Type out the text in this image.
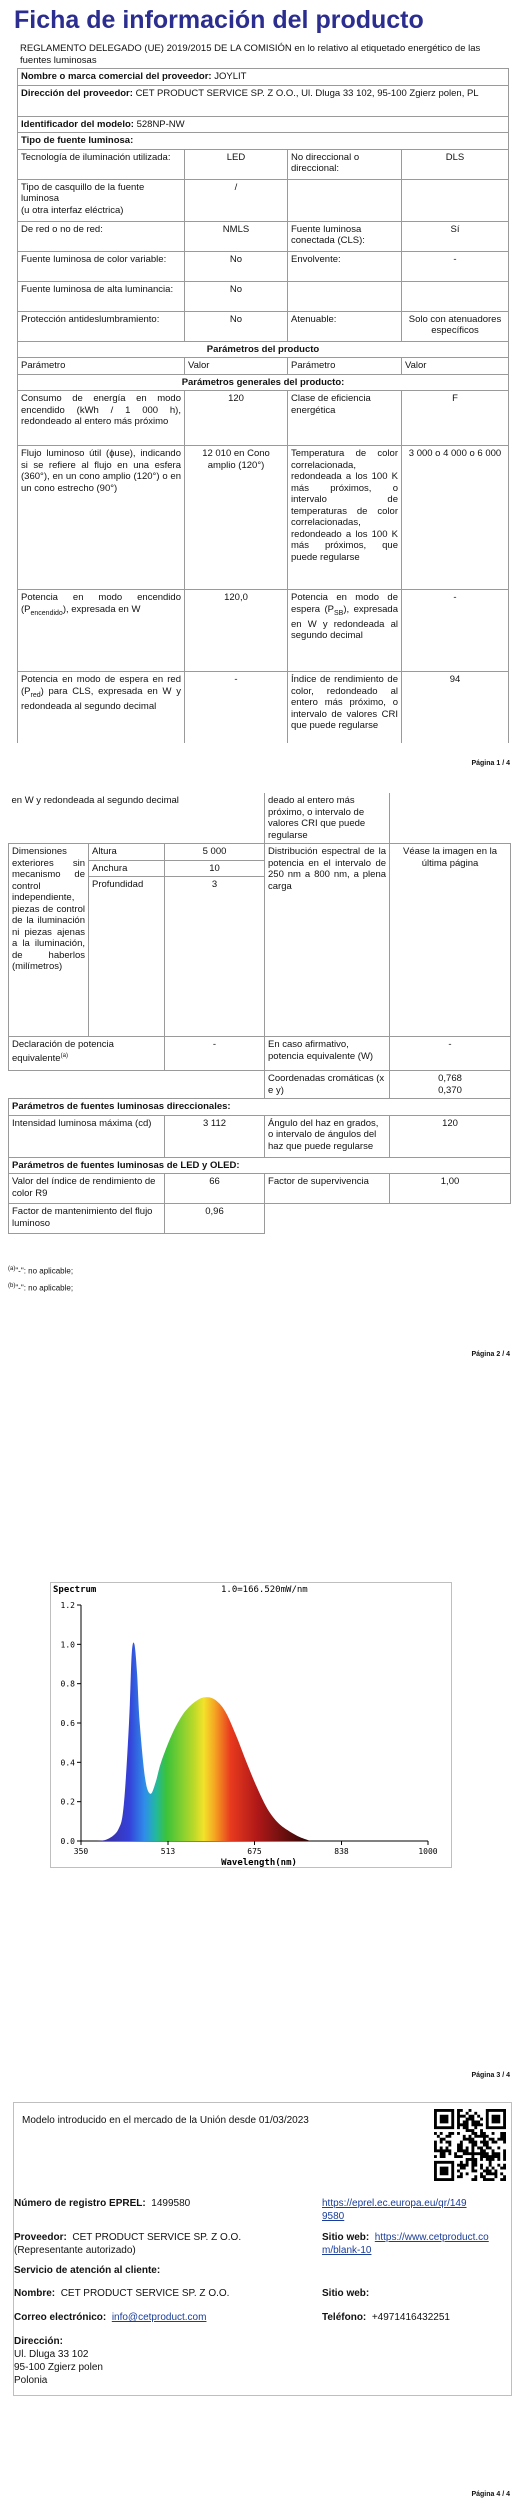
Ficha de información del producto
REGLAMENTO DELEGADO (UE) 2019/2015 DE LA COMISIÓN en lo relativo al etiquetado energético de las fuentes luminosas
Nombre o marca comercial del proveedor: JOYLIT			
Dirección del proveedor: CET PRODUCT SERVICE SP. Z O.O., Ul. Dluga 33 102, 95-100 Zgierz polen, PL			
Identificador del modelo: 528NP-NW			
Tipo de fuente luminosa:			
Tecnología de iluminación utilizada:	LED	No direccional o direccional:	DLS
Tipo de casquillo de la fuente luminosa
(u otra interfaz eléctrica)	/		
De red o no de red:	NMLS	Fuente luminosa conectada (CLS):	Sí
Fuente luminosa de color variable:	No	Envolvente:	-
Fuente luminosa de alta luminancia:	No		
Protección antideslumbramiento:	No	Atenuable:	Solo con atenuadores específicos
Parámetros del producto			
Parámetro	Valor	Parámetro	Valor
Parámetros generales del producto:			
Consumo de energía en modo encendido (kWh / 1 000 h), redondeado al entero más próximo	120	Clase de eficiencia energética	F
Flujo luminoso útil (ɸuse), indicando si se refiere al flujo en una esfera (360°), en un cono amplio (120°) o en un cono estrecho (90°)	12 010 en Cono amplio (120°)	Temperatura de color correlacionada, redondeada a los 100 K más próximos, o intervalo de temperaturas de color correlacionadas, redondeado a los 100 K más próximos, que puede regularse	3 000 o 4 000 o 6 000
Potencia en modo encendido $(P_{encendido})$, expresada en W	120,0	Potencia en modo de espera $(P_{SB})$, expresada en W y redondeada al segundo decimal	-
Potencia en modo de espera en red $(P_{red})$ para CLS, expresada en W y redondeada al segundo decimal	-	Índice de rendimiento de color, redondeado al entero más próximo, o intervalo de valores CRI que puede regularse	94
Página 1 / 4
en W y redondeada al segundo decimal			deado al entero más próximo, o intervalo de valores CRI que puede regularse	
Dimensiones exteriores sin mecanismo de control independiente, piezas de control de la iluminación ni piezas ajenas a la iluminación, de haberlos (milímetros)	Altura	5 000	Distribución espectral de la potencia en el intervalo de 250 nm a 800 nm, a plena carga	Véase la imagen en la última página
	Anchura	10		
	Profundidad	3		
Declaración de potencia equivalente$^{(a)}$		-	En caso afirmativo, potencia equivalente (W)	-
			Coordenadas cromáticas (x e y)	0,768
0,370
Parámetros de fuentes luminosas direccionales:				
Intensidad luminosa máxima (cd)		3 112	Ángulo del haz en grados, o intervalo de ángulos del haz que puede regularse	120
Parámetros de fuentes luminosas de LED y OLED:				
Valor del índice de rendimiento de color R9		66	Factor de supervivencia	1,00
Factor de mantenimiento del flujo luminoso		0,96		
$^{(a)}$"-": no aplicable;
$^{(b)}$"-": no aplicable;
Página 2 / 4
Spectrum	1.0=166.520mW/nm
0.0
0.2
0.4
0.6
0.8
1.0
1.2
350	513	675	838	1000
Wavelength(nm)
Página 3 / 4
Modelo introducido en el mercado de la Unión desde 01/03/2023
Número de registro EPREL: 1499580	https://eprel.ec.europa.eu/qr/1499580
Proveedor: CET PRODUCT SERVICE SP. Z O.O. (Representante autorizado)
Sitio web: https://www.cetproduct.com/blank-10
Servicio de atención al cliente:
Nombre: CET PRODUCT SERVICE SP. Z O.O.	Sitio web:
Correo electrónico: info@cetproduct.com	Teléfono: +4971416432251
Dirección:
Ul. Dluga 33 102
95-100 Zgierz polen
Polonia
Página 4 / 4
